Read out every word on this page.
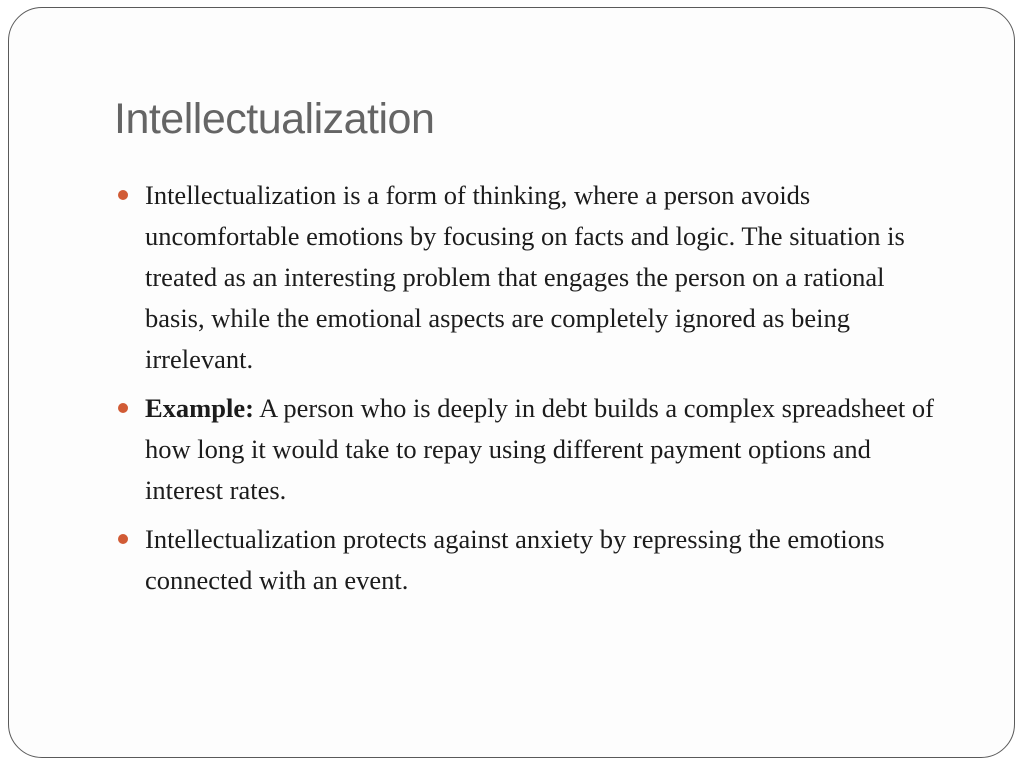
Intellectualization
Intellectualization is a form of thinking, where a person avoids uncomfortable emotions by focusing on facts and logic. The situation is treated as an interesting problem that engages the person on a rational basis, while the emotional aspects are completely ignored as being irrelevant.
Example: A person who is deeply in debt builds a complex spreadsheet of how long it would take to repay using different payment options and interest rates.
Intellectualization protects against anxiety by repressing the emotions connected with an event.
